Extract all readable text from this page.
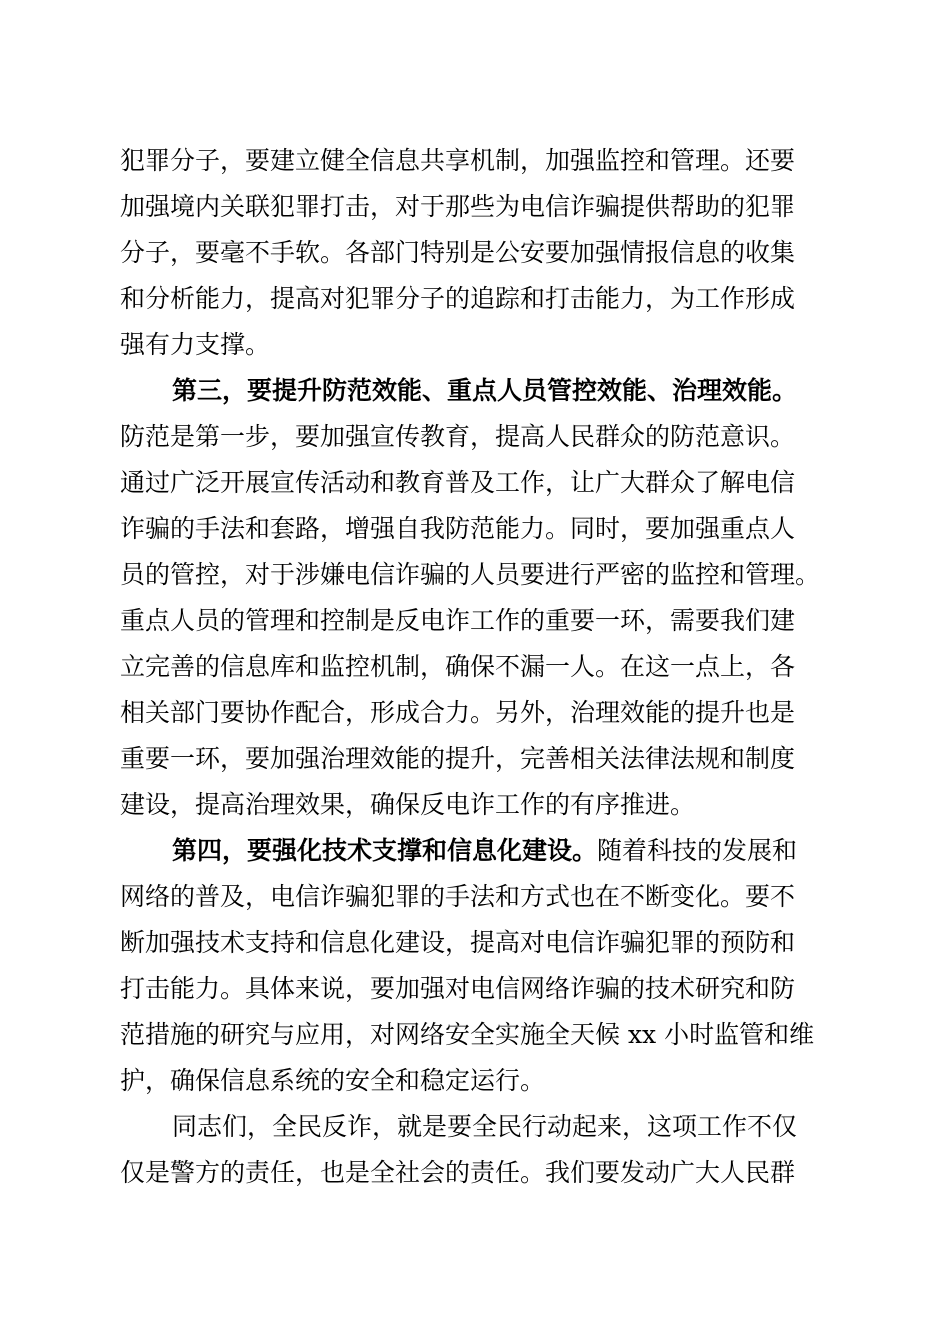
犯罪分子，要建立健全信息共享机制，加强监控和管理。还要
加强境内关联犯罪打击，对于那些为电信诈骗提供帮助的犯罪
分子，要毫不手软。各部门特别是公安要加强情报信息的收集
和分析能力，提高对犯罪分子的追踪和打击能力，为工作形成
强有力支撑。
第三，要提升防范效能、重点人员管控效能、治理效能。
防范是第一步，要加强宣传教育，提高人民群众的防范意识。
通过广泛开展宣传活动和教育普及工作，让广大群众了解电信
诈骗的手法和套路，增强自我防范能力。同时，要加强重点人
员的管控，对于涉嫌电信诈骗的人员要进行严密的监控和管理。
重点人员的管理和控制是反电诈工作的重要一环，需要我们建
立完善的信息库和监控机制，确保不漏一人。在这一点上，各
相关部门要协作配合，形成合力。另外，治理效能的提升也是
重要一环，要加强治理效能的提升，完善相关法律法规和制度
建设，提高治理效果，确保反电诈工作的有序推进。
第四，要强化技术支撑和信息化建设。随着科技的发展和
网络的普及，电信诈骗犯罪的手法和方式也在不断变化。要不
断加强技术支持和信息化建设，提高对电信诈骗犯罪的预防和
打击能力。具体来说，要加强对电信网络诈骗的技术研究和防
范措施的研究与应用，对网络安全实施全天候 xx 小时监管和维
护，确保信息系统的安全和稳定运行。
同志们，全民反诈，就是要全民行动起来，这项工作不仅
仅是警方的责任，也是全社会的责任。我们要发动广大人民群
